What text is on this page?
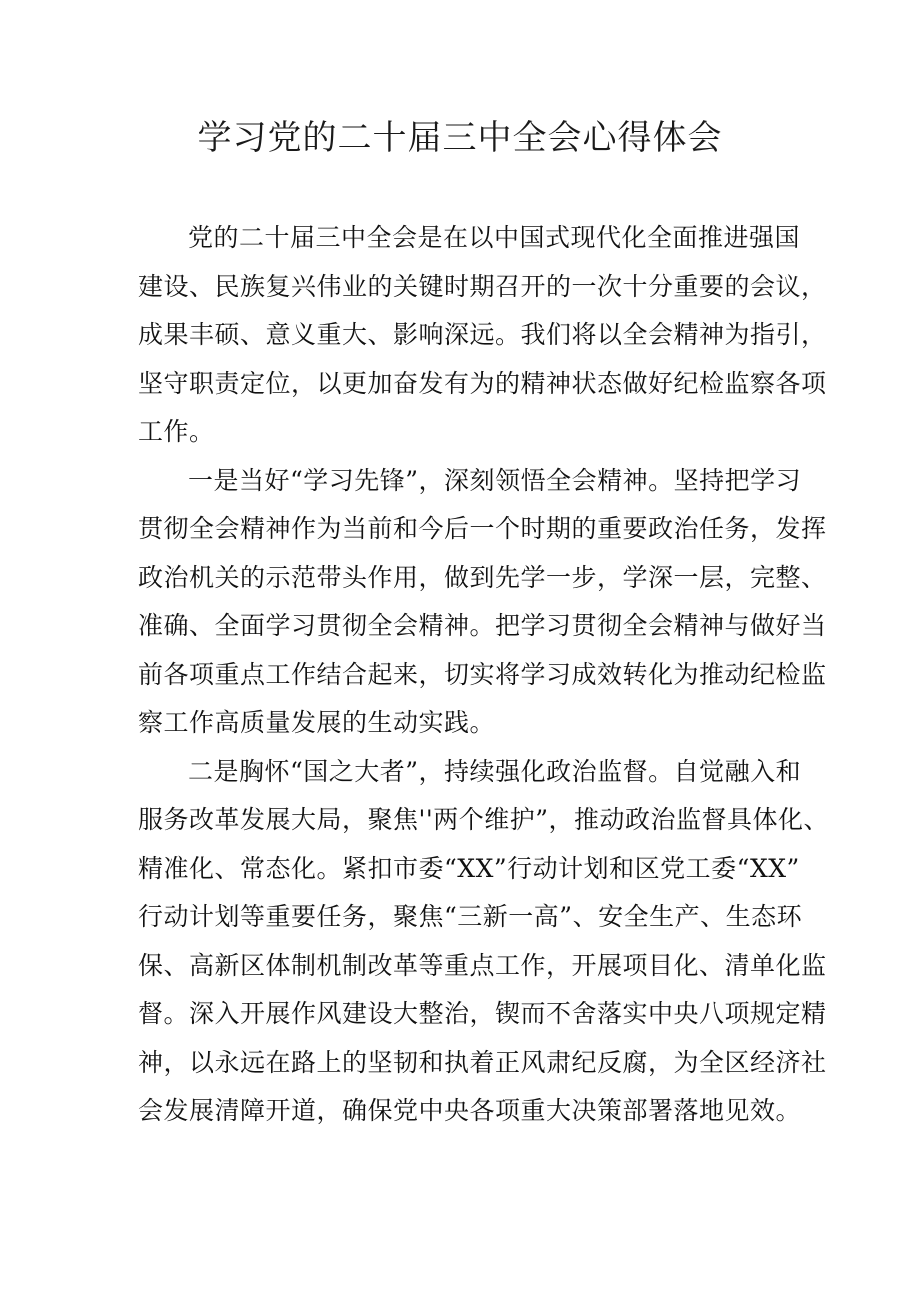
学习党的二十届三中全会心得体会
党的二十届三中全会是在以中国式现代化全面推进强国
建设、民族复兴伟业的关键时期召开的一次十分重要的会议，
成果丰硕、意义重大、影响深远。我们将以全会精神为指引，
坚守职责定位，以更加奋发有为的精神状态做好纪检监察各项
工作。
一是当好“学习先锋”，深刻领悟全会精神。坚持把学习
贯彻全会精神作为当前和今后一个时期的重要政治任务，发挥
政治机关的示范带头作用，做到先学一步，学深一层，完整、
准确、全面学习贯彻全会精神。把学习贯彻全会精神与做好当
前各项重点工作结合起来，切实将学习成效转化为推动纪检监
察工作高质量发展的生动实践。
二是胸怀“国之大者”，持续强化政治监督。自觉融入和
服务改革发展大局，聚焦''两个维护”，推动政治监督具体化、
精准化、常态化。紧扣市委“XX”行动计划和区党工委“XX”
行动计划等重要任务，聚焦“三新一高”、安全生产、生态环
保、高新区体制机制改革等重点工作，开展项目化、清单化监
督。深入开展作风建设大整治，锲而不舍落实中央八项规定精
神，以永远在路上的坚韧和执着正风肃纪反腐，为全区经济社
会发展清障开道，确保党中央各项重大决策部署落地见效。
